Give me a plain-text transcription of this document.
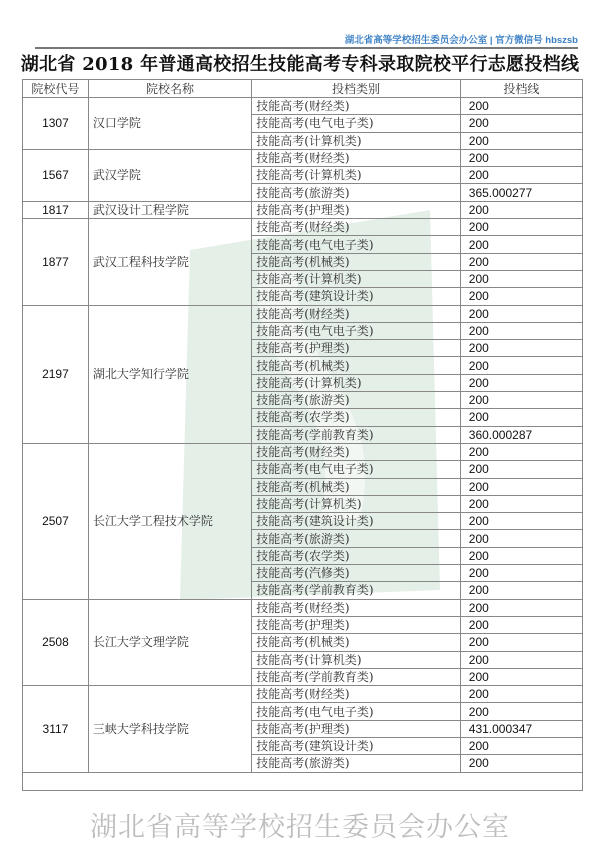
湖北省高等学校招生委员会办公室 | 官方微信号 hbszsb
湖北省 2018 年普通高校招生技能高考专科录取院校平行志愿投档线
院校代号	院校名称	投档类别	投档线
1307	汉口学院	技能高考(财经类)	200
		技能高考(电气电子类)	200
		技能高考(计算机类)	200
1567	武汉学院	技能高考(财经类)	200
		技能高考(计算机类)	200
		技能高考(旅游类)	365.000277
1817	武汉设计工程学院	技能高考(护理类)	200
1877	武汉工程科技学院	技能高考(财经类)	200
		技能高考(电气电子类)	200
		技能高考(机械类)	200
		技能高考(计算机类)	200
		技能高考(建筑设计类)	200
2197	湖北大学知行学院	技能高考(财经类)	200
		技能高考(电气电子类)	200
		技能高考(护理类)	200
		技能高考(机械类)	200
		技能高考(计算机类)	200
		技能高考(旅游类)	200
		技能高考(农学类)	200
		技能高考(学前教育类)	360.000287
2507	长江大学工程技术学院	技能高考(财经类)	200
		技能高考(电气电子类)	200
		技能高考(机械类)	200
		技能高考(计算机类)	200
		技能高考(建筑设计类)	200
		技能高考(旅游类)	200
		技能高考(农学类)	200
		技能高考(汽修类)	200
		技能高考(学前教育类)	200
2508	长江大学文理学院	技能高考(财经类)	200
		技能高考(护理类)	200
		技能高考(机械类)	200
		技能高考(计算机类)	200
		技能高考(学前教育类)	200
3117	三峡大学科技学院	技能高考(财经类)	200
		技能高考(电气电子类)	200
		技能高考(护理类)	431.000347
		技能高考(建筑设计类)	200
		技能高考(旅游类)	200

湖北省高等学校招生委员会办公室
